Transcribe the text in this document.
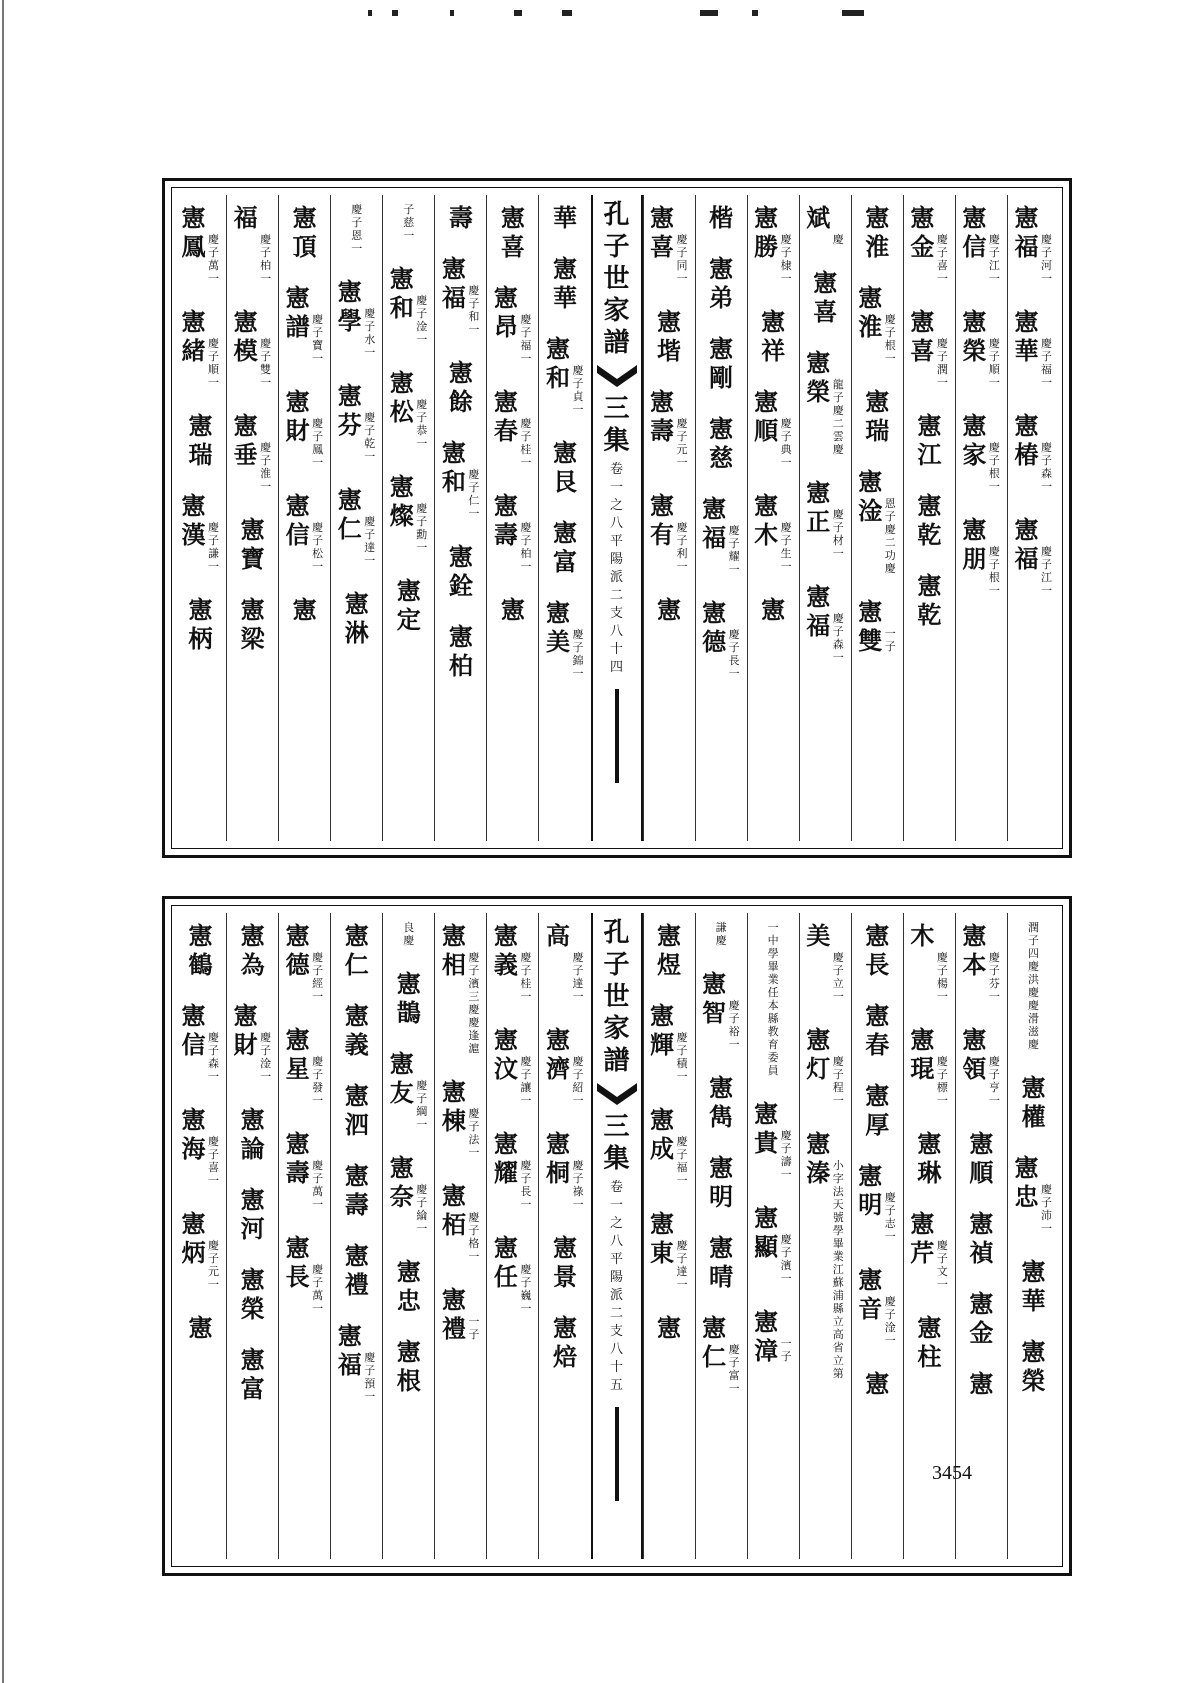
憲
福 慶
子
河
一
憲
華 慶
子
福
一
憲
椿 慶
子
森
一
憲
福 慶
子
江
一
憲
信 慶
子
江
一
憲
榮 慶
子
順
一
憲
家 慶
子
根
一
憲
朋 慶
子
根
一
憲
金 慶
子
喜
一
憲
喜 慶
子
潤
一
憲
江
憲
乾
憲
乾
憲
淮
憲
淮 慶
子
根
一
憲
瑞
憲
淦 恩
子
慶
二
功
慶
憲
雙 一
子
斌
慶
憲
喜
憲
榮 龍
子
慶
二
雲
慶
憲
正 慶
子
材
一
憲
福 慶
子
森
一
憲
勝 慶
子
棣
一
憲
祥
憲
順 慶
子
典
一
憲
木 慶
子
生
一
憲
楷
憲
弟
憲
剛
憲
慈
憲
福 慶
子
耀
一
憲
德 慶
子
長
一
憲
喜 慶
子
同
一
憲
堦
憲
壽 慶
子
元
一
憲
有 慶
子
利
一
憲
孔
子
世
家
譜
三
集
卷
一
之
八
平
陽
派
二
支
八
十
四
華
憲
華
憲
和 慶
子
貞
一
憲
艮
憲
富
憲
美 慶
子
錦
一
憲
喜
憲
昂 慶
子
福
一
憲
春 慶
子
桂
一
憲
壽 慶
子
柏
一
憲
壽
憲
福 慶
子
和
一
憲
餘
憲
和 慶
子
仁
一
憲
銓
憲
柏
子
慈
一
憲
和 慶
子
淦
一
憲
松 慶
子
恭
一
憲
燦 慶
子
勳
一
憲
定
慶
子
恩
一
憲
學 慶
子
水
一
憲
芬 慶
子
乾
一
憲
仁 慶
子
達
一
憲
淋
憲
頂
憲
譜 慶
子
寶
一
憲
財 慶
子
鳳
一
憲
信 慶
子
松
一
憲
福
慶
子
柏
一
憲
模 慶
子
雙
一
憲
垂 慶
子
淮
一
憲
寶
憲
梁
憲
鳳 慶
子
萬
一
憲
緒 慶
子
順
一
憲
瑞
憲
漢 慶
子
謙
一
憲
柄
潤
子
四
慶
洪
慶
慶
滑
滋
慶
憲
權
憲
忠 慶
子
沛
一
憲
華
憲
榮
憲
本 慶
子
芬
一
憲
領 慶
子
亨
一
憲
順
憲
禎
憲
金
憲
木
慶
子
楊
一
憲
琨 慶
子
標
一
憲
琳
憲
芹 慶
子
文
一
憲
柱
憲
長
憲
春
憲
厚
憲
明 慶
子
志
一
憲
音 慶
子
淦
一
憲
美
慶
子
立
一
憲
灯 慶
子
程
一
憲
溱 小
字
法
天
號
學
畢
業
江
蘇
浦
縣
立
高
省
立
第
一
中
學
畢
業
任
本
縣
教
育
委
員
憲
貴 慶
子
濤
一
憲
顯 慶
子
濱
一
憲
漳 一
子
謙
慶
憲
智 慶
子
裕
一
憲
雋
憲
明
憲
晴
憲
仁 慶
子
富
一
憲
煜
憲
輝 慶
子
積
一
憲
成 慶
子
福
一
憲
東 慶
子
達
一
憲
孔
子
世
家
譜
三
集
卷
一
之
八
平
陽
派
二
支
八
十
五
高
慶
子
達
一
憲
濟 慶
子
紹
一
憲
桐 慶
子
祿
一
憲
景
憲
焙
憲
義 慶
子
桂
一
憲
汶 慶
子
讓
一
憲
耀 慶
子
長
一
憲
任 慶
子
巍
一
憲
相 慶
子
濱
三
慶
慶
逢
滬
憲
棟 慶
子
法
一
憲
栢 慶
子
格
一
憲
禮 一
子
良
慶
憲
鵲
憲
友 慶
子
綱
一
憲
奈 慶
子
綸
一
憲
忠
憲
根
憲
仁
憲
義
憲
泗
憲
壽
憲
禮
憲
福 慶
子
預
一
憲
德 慶
子
經
一
憲
星 慶
子
發
一
憲
壽 慶
子
萬
一
憲
長 慶
子
萬
一
憲
為
憲
財 慶
子
淦
一
憲
論
憲
河
憲
榮
憲
富
憲
鶴
憲
信 慶
子
森
一
憲
海 慶
子
喜
一
憲
炳 慶
子
元
一
憲
3454
